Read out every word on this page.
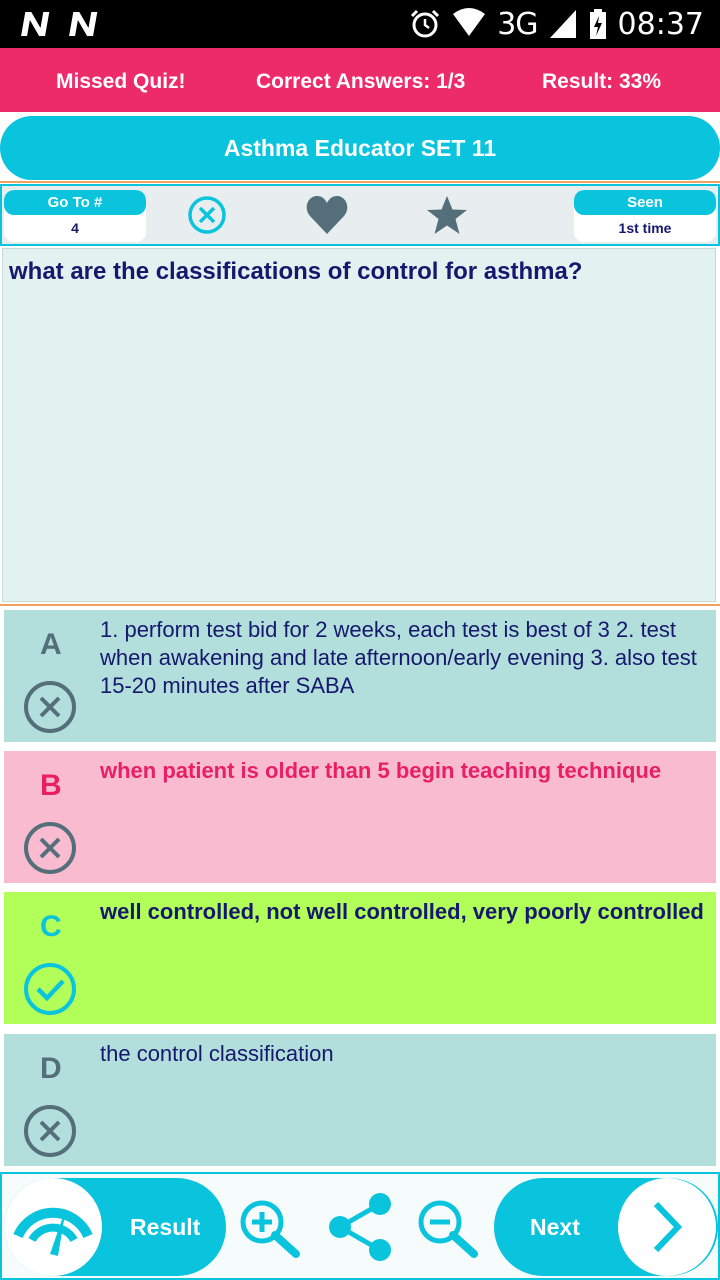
3G	08:37
Missed Quiz!	Correct Answers: 1/3	Result: 33%
Asthma Educator SET 11
Go To #
4
Seen
1st time

what are the classifications of control for asthma?

A 1. perform test bid for 2 weeks, each test is best of 3 2. test when awakening and late afternoon/early evening 3. also test 15-20 minutes after SABA
B when patient is older than 5 begin teaching technique
C well controlled, not well controlled, very poorly controlled
D the control classification
Result	Next
